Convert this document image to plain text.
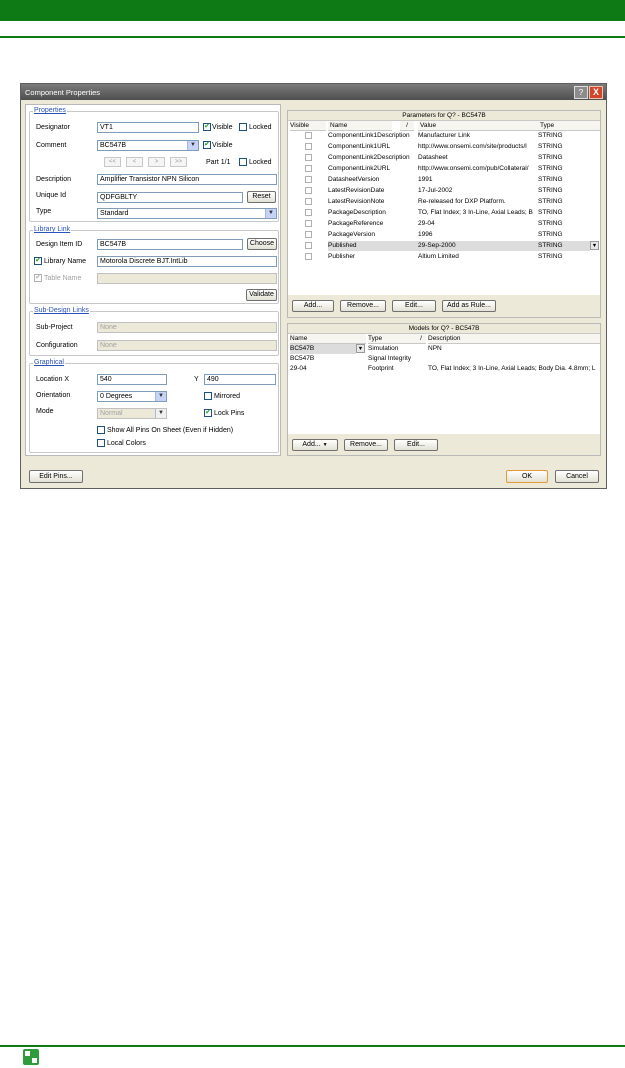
Component Properties	?	X
Properties
Designator	VT1	✔ Visible Locked
Comment	BC547B	▼ ✔ Visible
<<	<	>	>>	Part 1/1	Locked
Description	Amplifier Transistor NPN Silicon
Unique Id	QDFGBLTY	Reset
Type	Standard	▼
Library Link
Design Item ID	BC547B	Choose
✔ Library Name	Motorola Discrete BJT.IntLib
✔ Table Name
Validate
Sub-Design Links
Sub-Project	None
Configuration	None
Graphical
Location X	540	Y	490
Orientation	0 Degrees	▼	Mirrored
Mode	Normal	▼	✔ Lock Pins
Show All Pins On Sheet (Even if Hidden)
Local Colors
Parameters for Q? - BC547B
Visible	Name	/	Value	Type
ComponentLink1Description	Manufacturer Link	STRING
ComponentLink1URL	http://www.onsemi.com/site/products/l	STRING
ComponentLink2Description	Datasheet	STRING
ComponentLink2URL	http://www.onsemi.com/pub/Collateral/	STRING
DatasheetVersion	1991	STRING
LatestRevisionDate	17-Jul-2002	STRING
LatestRevisionNote	Re-released for DXP Platform.	STRING
PackageDescription	TO, Flat Index; 3 In-Line, Axial Leads; B STRING
PackageReference	29-04	STRING
PackageVersion	1996	STRING
Published	29-Sep-2000	STRING	▼
Publisher	Altium Limited	STRING
Add...	Remove...	Edit...	Add as Rule...
Models for Q? - BC547B
Name	Type	/ Description
BC547B	▼ Simulation	NPN
BC547B	Signal Integrity
29-04	Footprint	TO, Flat Index; 3 In-Line, Axial Leads; Body Dia. 4.8mm; L
Add... ▼	Remove...	Edit...
Edit Pins...	OK	Cancel
